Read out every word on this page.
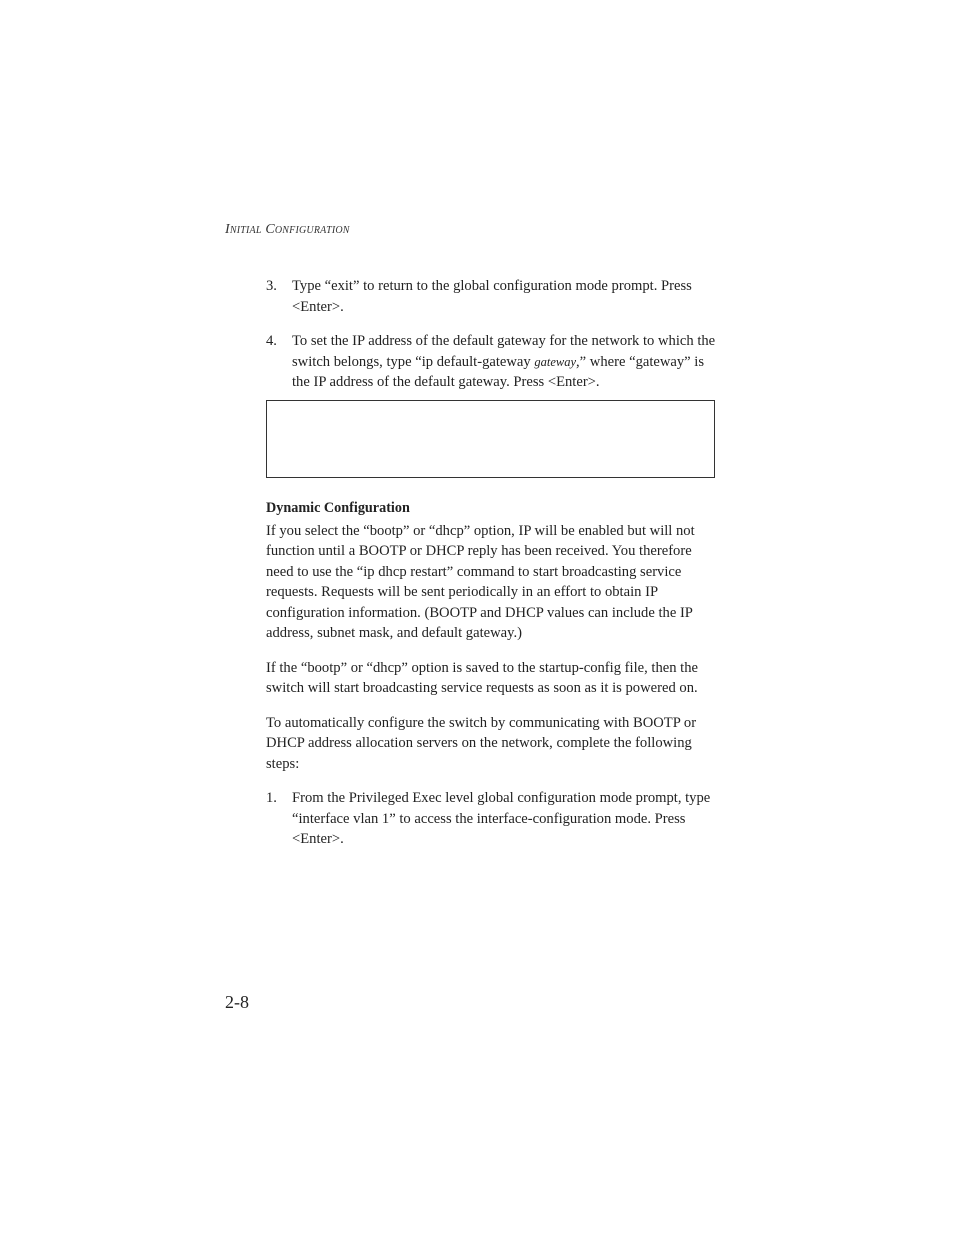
Initial Configuration
3. Type “exit” to return to the global configuration mode prompt. Press <Enter>.
4. To set the IP address of the default gateway for the network to which the switch belongs, type “ip default-gateway gateway,” where “gateway” is the IP address of the default gateway. Press <Enter>.
Dynamic Configuration
If you select the “bootp” or “dhcp” option, IP will be enabled but will not function until a BOOTP or DHCP reply has been received. You therefore need to use the “ip dhcp restart” command to start broadcasting service requests. Requests will be sent periodically in an effort to obtain IP configuration information. (BOOTP and DHCP values can include the IP address, subnet mask, and default gateway.)
If the “bootp” or “dhcp” option is saved to the startup-config file, then the switch will start broadcasting service requests as soon as it is powered on.
To automatically configure the switch by communicating with BOOTP or DHCP address allocation servers on the network, complete the following steps:
1. From the Privileged Exec level global configuration mode prompt, type “interface vlan 1” to access the interface-configuration mode. Press <Enter>.
2-8
